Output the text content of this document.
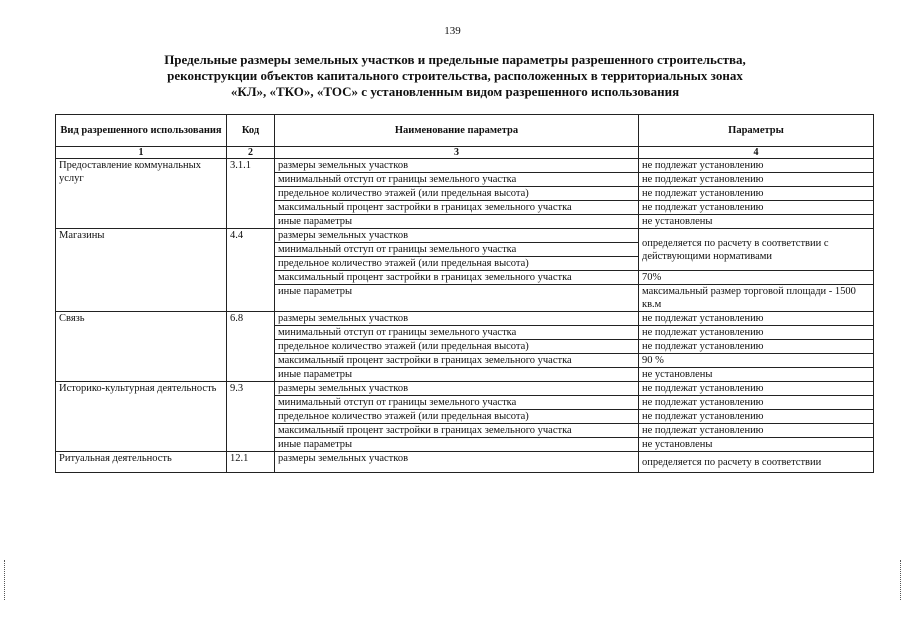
139
Предельные размеры земельных участков и предельные параметры разрешенного строительства,
реконструкции объектов капитального строительства, расположенных в территориальных зонах
«КЛ», «ТКО», «ТОС» с установленным видом разрешенного использования
Вид разрешенного использования	Код	Наименование параметра	Параметры
1	2	3	4
Предоставление коммунальных услуг	3.1.1	размеры земельных участков	не подлежат установлению
		минимальный отступ от границы земельного участка	не подлежат установлению
		предельное количество этажей (или предельная высота)	не подлежат установлению
		максимальный процент застройки в границах земельного участка	не подлежат установлению
		иные параметры	не установлены
Магазины	4.4	размеры земельных участков	определяется по расчету в соответствии с действующими нормативами
		минимальный отступ от границы земельного участка	
		предельное количество этажей (или предельная высота)	
		максимальный процент застройки в границах земельного участка	70%
		иные параметры	максимальный размер торговой площади - 1500 кв.м
Связь	6.8	размеры земельных участков	не подлежат установлению
		минимальный отступ от границы земельного участка	не подлежат установлению
		предельное количество этажей (или предельная высота)	не подлежат установлению
		максимальный процент застройки в границах земельного участка	90 %
		иные параметры	не установлены
Историко-культурная деятельность	9.3	размеры земельных участков	не подлежат установлению
		минимальный отступ от границы земельного участка	не подлежат установлению
		предельное количество этажей (или предельная высота)	не подлежат установлению
		максимальный процент застройки в границах земельного участка	не подлежат установлению
		иные параметры	не установлены
Ритуальная деятельность	12.1	размеры земельных участков	определяется по расчету в соответствии
